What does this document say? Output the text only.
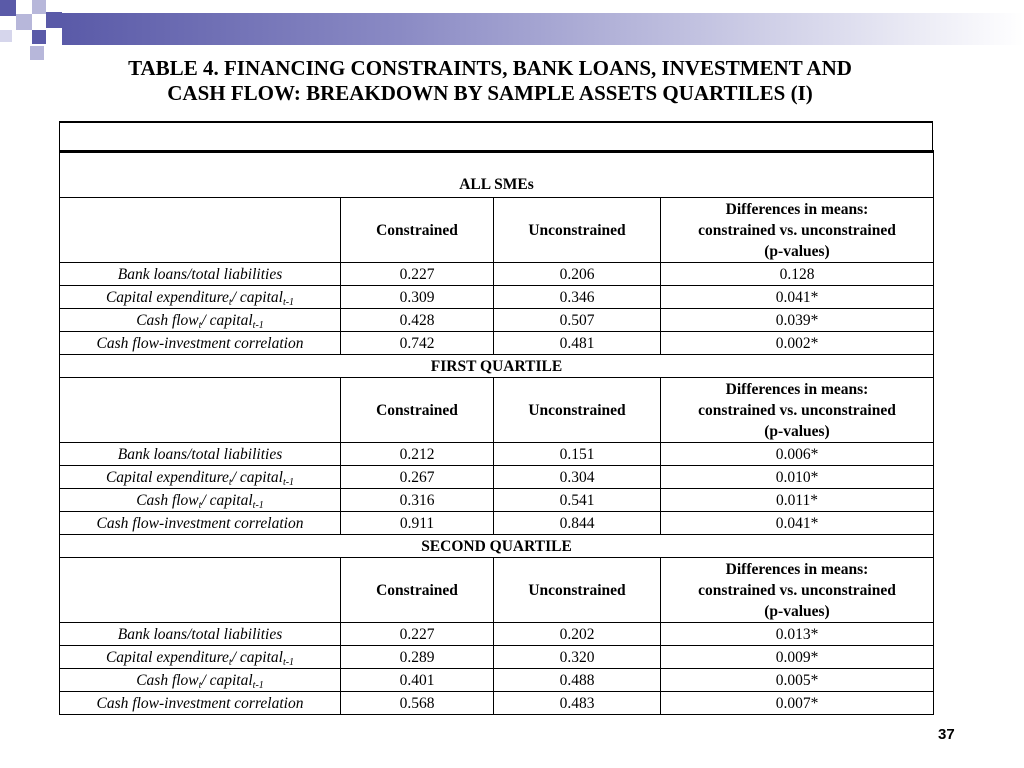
TABLE 4. FINANCING CONSTRAINTS, BANK LOANS, INVESTMENT AND
CASH FLOW: BREAKDOWN BY SAMPLE ASSETS QUARTILES (I)
ALL SMEs			
	Constrained	Unconstrained	Differences in means:
constrained vs. unconstrained
(p-values)

Bank loans/total liabilities	0.227	0.206	0.128
Capital expenditure$_t$/ capital$_{t-1}$	0.309	0.346	0.041*
Cash flow$_t$/ capital$_{t-1}$	0.428	0.507	0.039*
Cash flow-investment correlation	0.742	0.481	0.002*
FIRST QUARTILE			
	Constrained	Unconstrained	Differences in means:
constrained vs. unconstrained
(p-values)

Bank loans/total liabilities	0.212	0.151	0.006*
Capital expenditure$_t$/ capital$_{t-1}$	0.267	0.304	0.010*
Cash flow$_t$/ capital$_{t-1}$	0.316	0.541	0.011*
Cash flow-investment correlation	0.911	0.844	0.041*
SECOND QUARTILE			
	Constrained	Unconstrained	Differences in means:
constrained vs. unconstrained
(p-values)

Bank loans/total liabilities	0.227	0.202	0.013*
Capital expenditure$_t$/ capital$_{t-1}$	0.289	0.320	0.009*
Cash flow$_t$/ capital$_{t-1}$	0.401	0.488	0.005*
Cash flow-investment correlation	0.568	0.483	0.007*
37
